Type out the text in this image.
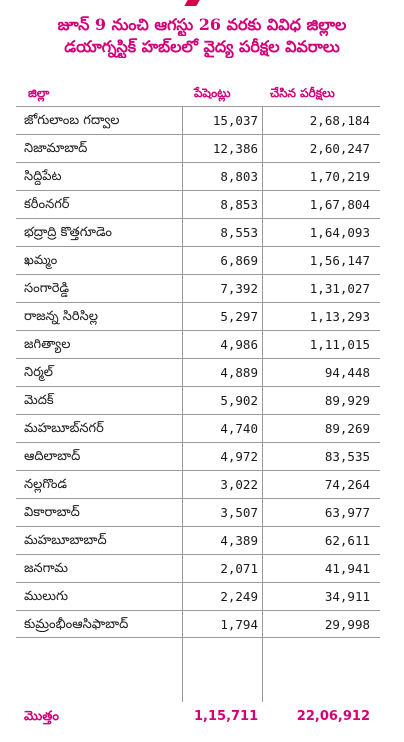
జూన్ 9 నుంచి ఆగస్టు 26 వరకు వివిధ జిల్లాల
డయాగ్నస్టిక్ హబ్‌లలో వైద్య పరీక్షల వివరాలు
జిల్లా	పేషెంట్లు	చేసిన పరీక్షలు
జోగులాంబ గద్వాల	15,037	2,68,184
నిజామాబాద్	12,386	2,60,247
సిద్దిపేట	8,803	1,70,219
కరీంనగర్	8,853	1,67,804
భద్రాద్రి కొత్తగూడెం	8,553	1,64,093
ఖమ్మం	6,869	1,56,147
సంగారెడ్డి	7,392	1,31,027
రాజన్న సిరిసిల్ల	5,297	1,13,293
జగిత్యాల	4,986	1,11,015
నిర్మల్	4,889	94,448
మెదక్	5,902	89,929
మహబూబ్‌నగర్	4,740	89,269
ఆదిలాబాద్	4,972	83,535
నల్లగొండ	3,022	74,264
వికారాబాద్	3,507	63,977
మహబూబాబాద్	4,389	62,611
జనగామ	2,071	41,941
ములుగు	2,249	34,911
కుమ్రంభీంఆసిఫాబాద్	1,794	29,998
మొత్తం	1,15,711	22,06,912
